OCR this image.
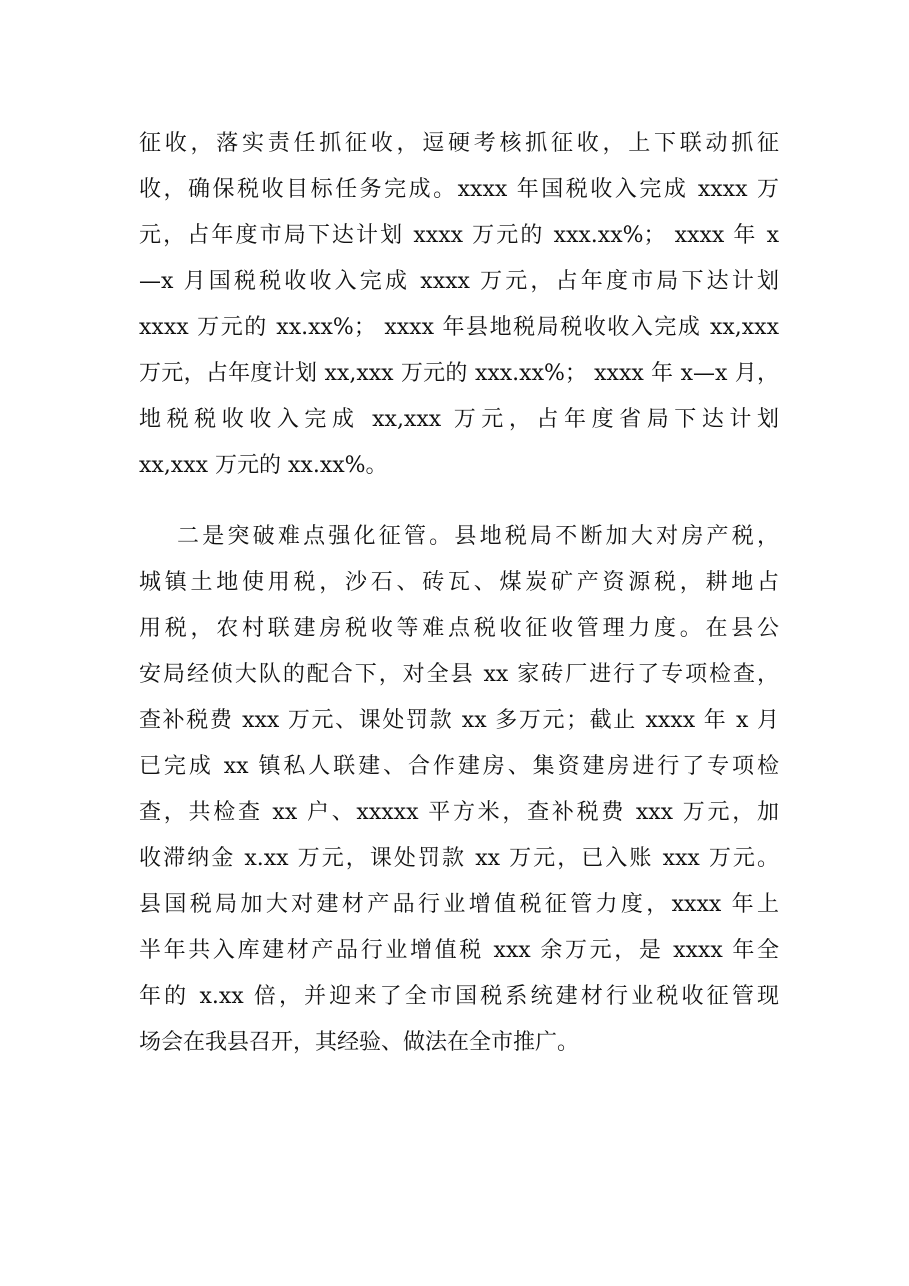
征收，落实责任抓征收，逗硬考核抓征收，上下联动抓征
收，确保税收目标任务完成。xxxx 年国税收入完成 xxxx 万
元，占年度市局下达计划 xxxx 万元的 xxx.xx%； xxxx 年 x
—x 月国税税收收入完成 xxxx 万元，占年度市局下达计划
xxxx 万元的 xx.xx%； xxxx 年县地税局税收收入完成 xx,xxx
万元，占年度计划 xx,xxx 万元的 xxx.xx%； xxxx 年 x—x 月，
地税税收收入完成 xx,xxx 万元，占年度省局下达计划
xx,xxx 万元的 xx.xx%。
二是突破难点强化征管。县地税局不断加大对房产税，
城镇土地使用税，沙石、砖瓦、煤炭矿产资源税，耕地占
用税，农村联建房税收等难点税收征收管理力度。在县公
安局经侦大队的配合下，对全县 xx 家砖厂进行了专项检查，
查补税费 xxx 万元、课处罚款 xx 多万元；截止 xxxx 年 x 月
已完成 xx 镇私人联建、合作建房、集资建房进行了专项检
查，共检查 xx 户、xxxxx 平方米，查补税费 xxx 万元，加
收滞纳金 x.xx 万元，课处罚款 xx 万元，已入账 xxx 万元。
县国税局加大对建材产品行业增值税征管力度，xxxx 年上
半年共入库建材产品行业增值税 xxx 余万元，是 xxxx 年全
年的 x.xx 倍，并迎来了全市国税系统建材行业税收征管现
场会在我县召开，其经验、做法在全市推广。
